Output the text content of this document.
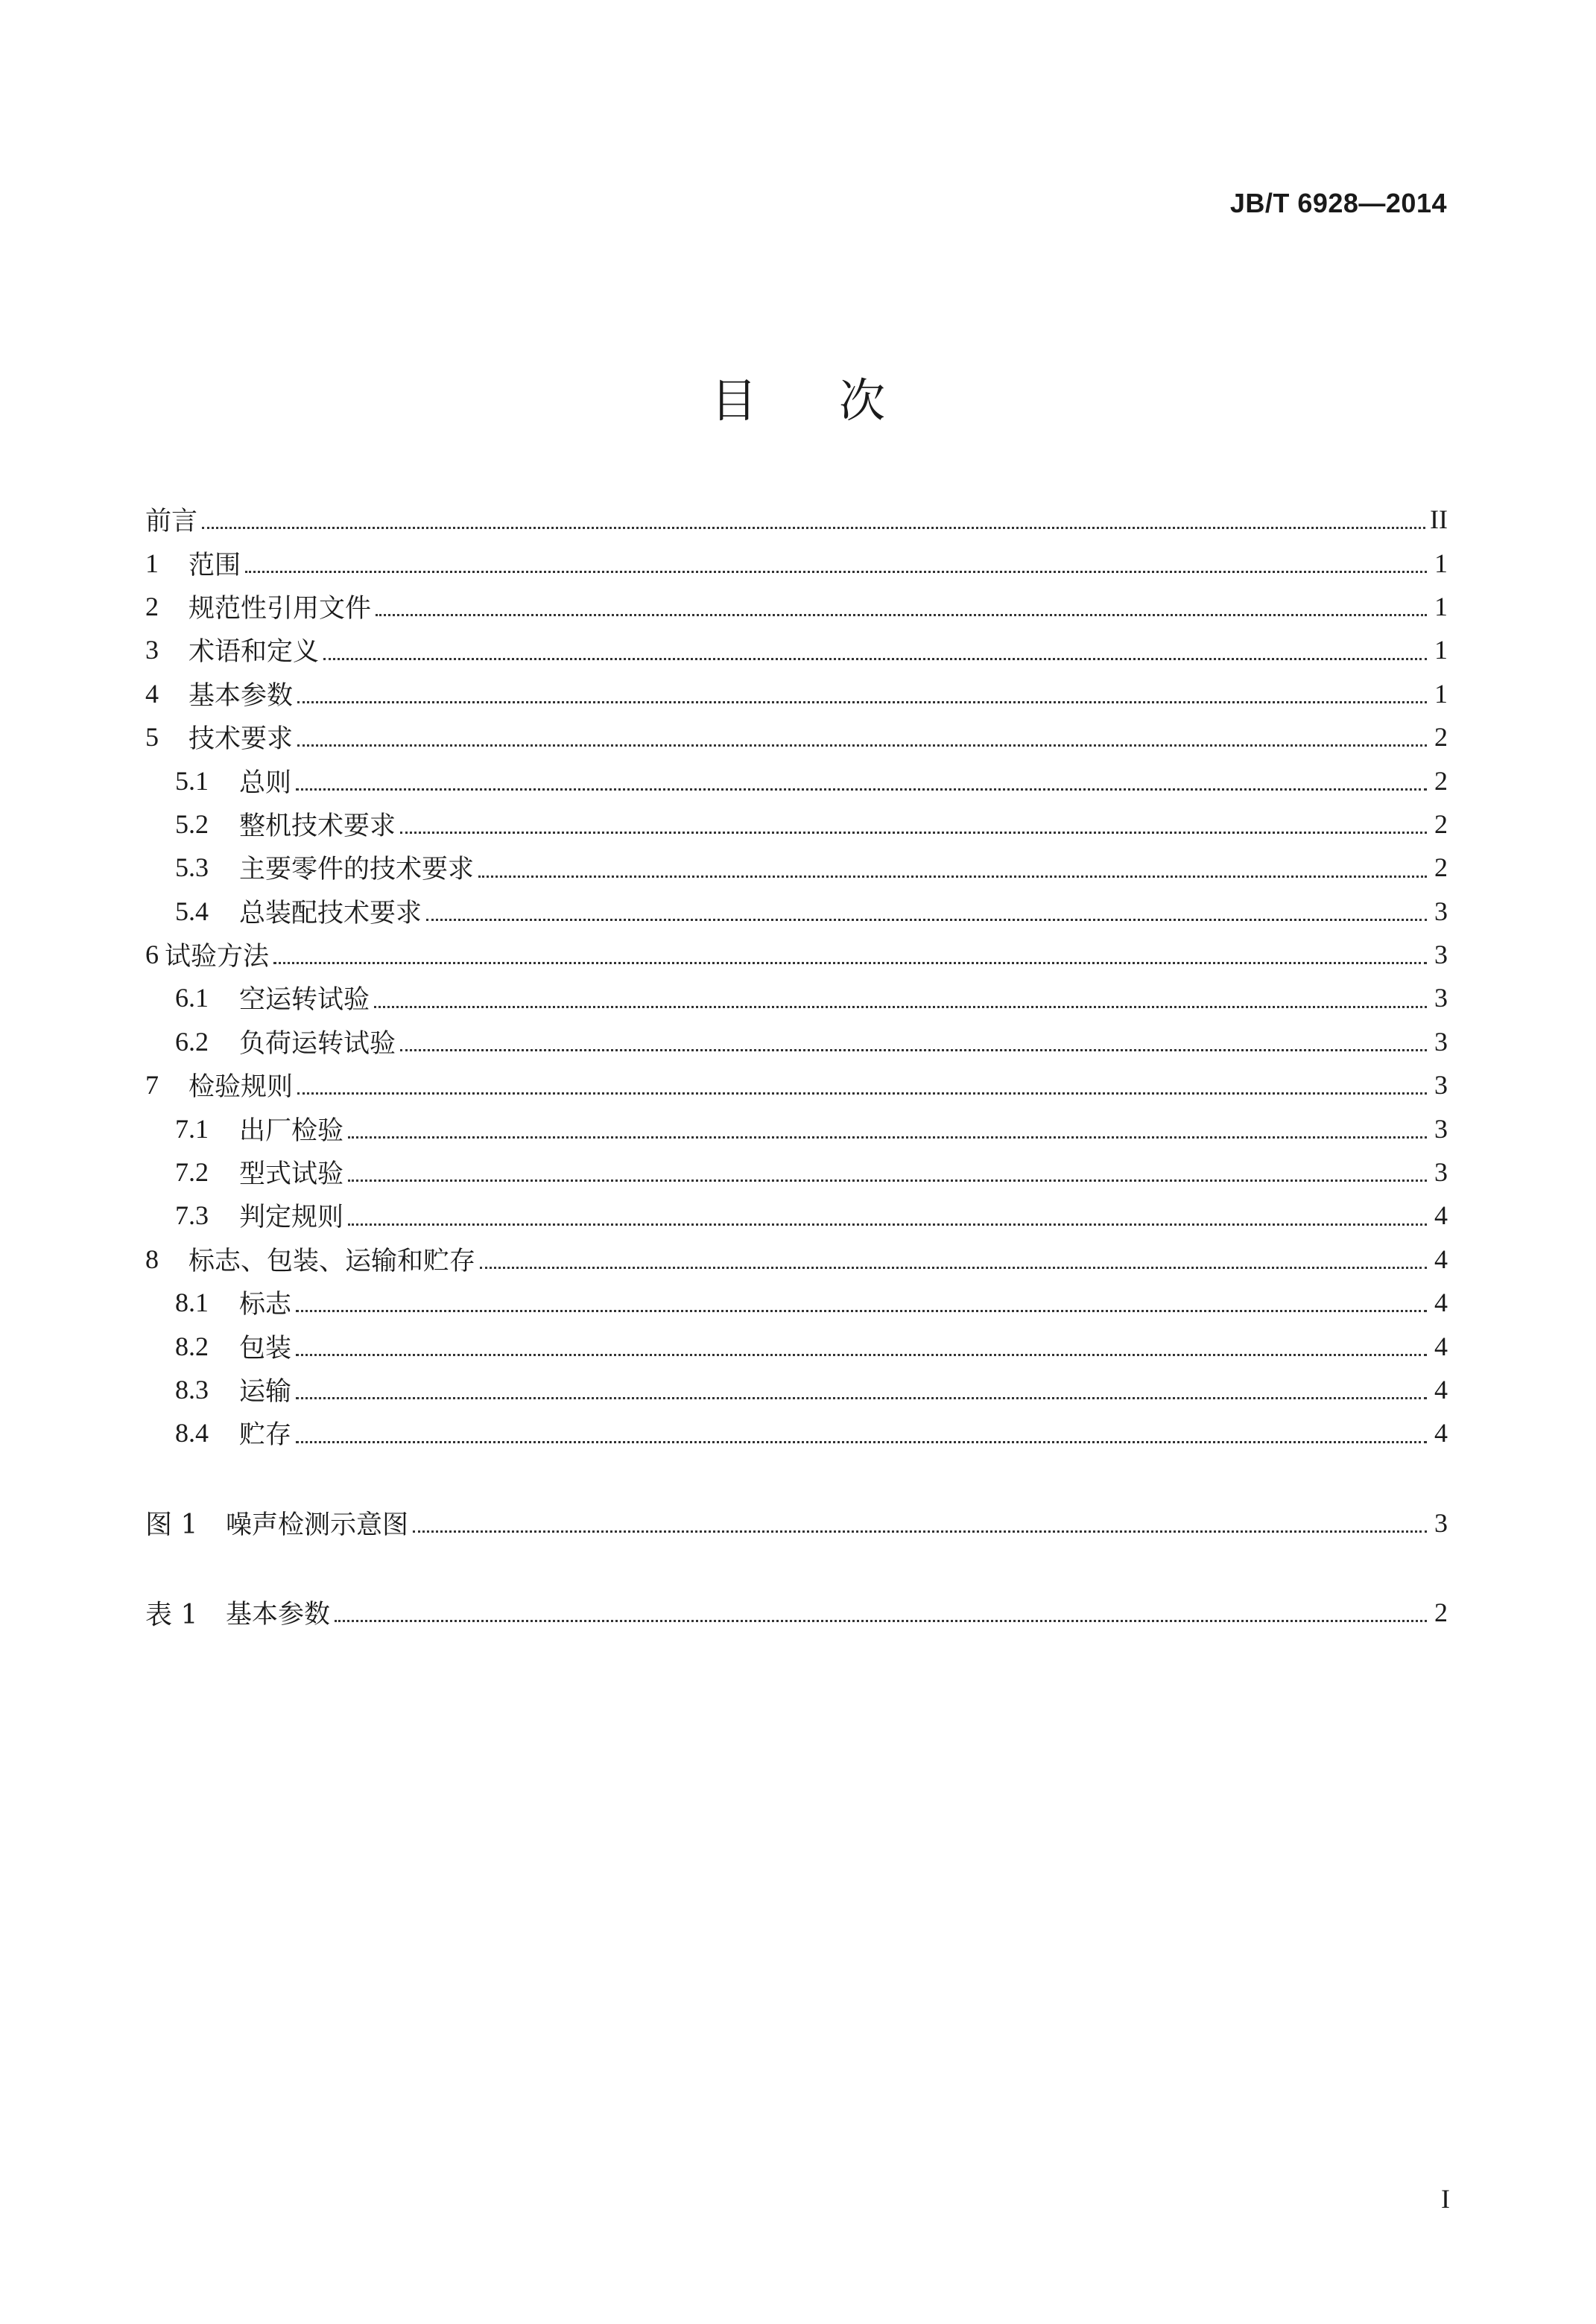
JB/T 6928—2014
目 次
前言	II
1	范围	1
2	规范性引用文件	1
3	术语和定义	1
4	基本参数	1
5	技术要求	2
5.1	总则	2
5.2	整机技术要求	2
5.3	主要零件的技术要求	2
5.4	总装配技术要求	3
6 试验方法	3
6.1	空运转试验	3
6.2	负荷运转试验	3
7	检验规则	3
7.1	出厂检验	3
7.2	型式试验	3
7.3	判定规则	4
8	标志、包装、运输和贮存	4
8.1	标志	4
8.2	包装	4
8.3	运输	4
8.4	贮存	4
图 1	噪声检测示意图	3
表 1	基本参数	2
I
